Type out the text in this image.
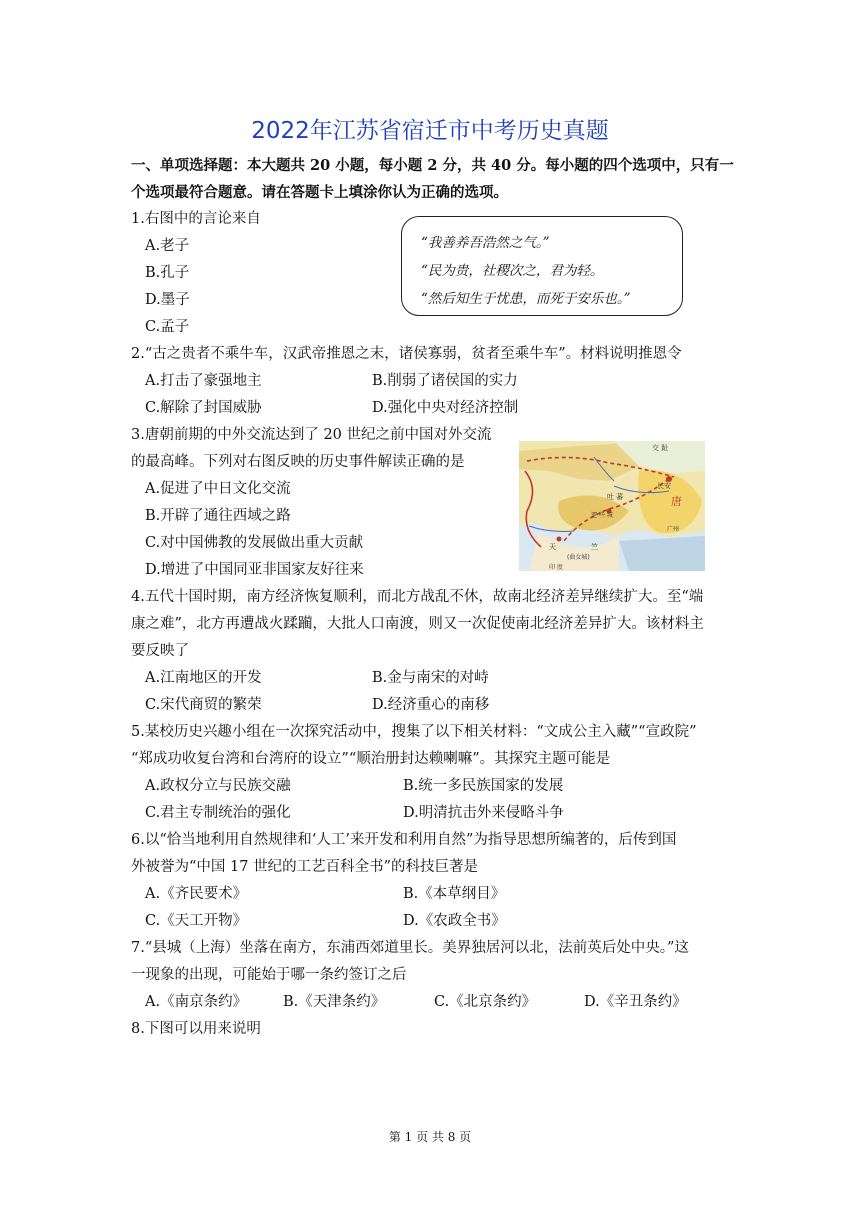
2022年江苏省宿迁市中考历史真题
一、单项选择题：本大题共 20 小题，每小题 2 分，共 40 分。每小题的四个选项中，只有一
个选项最符合题意。请在答题卡上填涂你认为正确的选项。
1.右图中的言论来自
A.老子
B.孔子
D.墨子
C.孟子
“我善养吾浩然之气。”
“民为贵，社稷次之，君为轻。
“然后知生于忧患，而死于安乐也。”
2.“古之贵者不乘牛车，汉武帝推恩之末，诸侯寡弱，贫者至乘牛车”。材料说明推恩令
A.打击了豪强地主	B.削弱了诸侯国的实力
C.解除了封国威胁	D.强化中央对经济控制
3.唐朝前期的中外交流达到了 20 世纪之前中国对外交流
的最高峰。下列对右图反映的历史事件解读正确的是
A.促进了中日文化交流
B.开辟了通往西域之路
C.对中国佛教的发展做出重大贡献
D.增进了中国同亚非国家友好往来
交 趾
长安
吐 蕃	唐
逻 些 城
广州
天	竺
(曲女城)
印 度
4.五代十国时期，南方经济恢复顺利，而北方战乱不休，故南北经济差异继续扩大。至“端
康之难”，北方再遭战火蹂躏，大批人口南渡，则又一次促使南北经济差异扩大。该材料主
要反映了
A.江南地区的开发	B.金与南宋的对峙
C.宋代商贸的繁荣	D.经济重心的南移
5.某校历史兴趣小组在一次探究活动中，搜集了以下相关材料：“文成公主入藏”“宣政院”
“郑成功收复台湾和台湾府的设立”“顺治册封达赖喇嘛”。其探究主题可能是
A.政权分立与民族交融	B.统一多民族国家的发展
C.君主专制统治的强化	D.明清抗击外来侵略斗争
6.以“恰当地利用自然规律和‘人工’来开发和利用自然”为指导思想所编著的，后传到国
外被誉为“中国 17 世纪的工艺百科全书”的科技巨著是
A.《齐民要术》	B.《本草纲目》
C.《天工开物》	D.《农政全书》
7.“县城（上海）坐落在南方，东浦西郊道里长。美界独居河以北，法前英后处中央。”这
一现象的出现，可能始于哪一条约签订之后
A.《南京条约》 B.《天津条约》	C.《北京条约》	D.《辛丑条约》
8.下图可以用来说明
第 1 页 共 8 页
